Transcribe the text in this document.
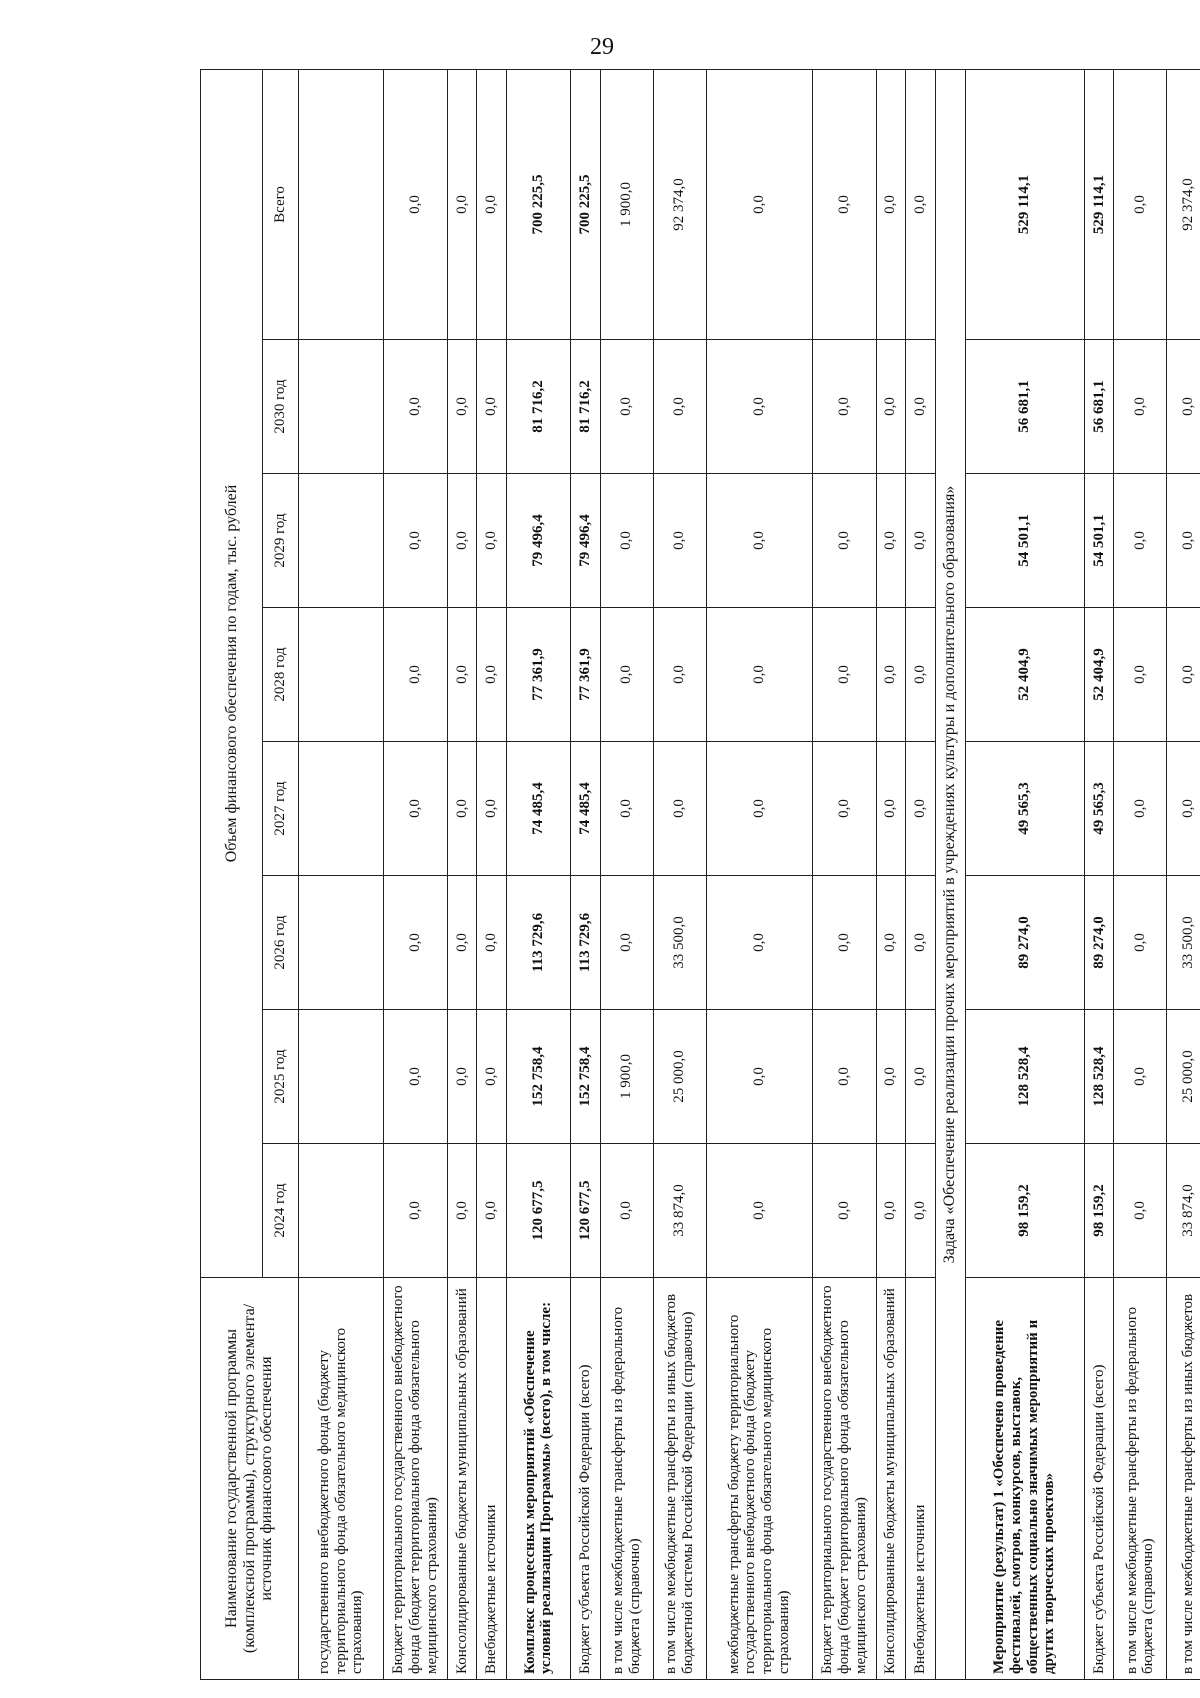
29
Наименование государственной программы (комплексной программы), структурного элемента/источник финансового обеспечения	Объем финансового обеспечения по годам, тыс. рублей							
	2024 год	2025 год	2026 год	2027 год	2028 год	2029 год	2030 год	Всего
государственного внебюджетного фонда (бюджету территориального фонда обязательного медицинского страхования)								
Бюджет территориального государственного внебюджетного фонда (бюджет территориального фонда обязательного медицинского страхования)	0,0	0,0	0,0	0,0	0,0	0,0	0,0	0,0
Консолидированные бюджеты муниципальных образований	0,0	0,0	0,0	0,0	0,0	0,0	0,0	0,0
Внебюджетные источники	0,0	0,0	0,0	0,0	0,0	0,0	0,0	0,0
Комплекс процессных мероприятий «Обеспечение условий реализации Программы» (всего), в том числе:	120 677,5	152 758,4	113 729,6	74 485,4	77 361,9	79 496,4	81 716,2	700 225,5
Бюджет субъекта Российской Федерации (всего)	120 677,5	152 758,4	113 729,6	74 485,4	77 361,9	79 496,4	81 716,2	700 225,5
в том числе межбюджетные трансферты из федерального бюджета (справочно)	0,0	1 900,0	0,0	0,0	0,0	0,0	0,0	1 900,0
в том числе межбюджетные трансферты из иных бюджетов бюджетной системы Российской Федерации (справочно)	33 874,0	25 000,0	33 500,0	0,0	0,0	0,0	0,0	92 374,0
межбюджетные трансферты бюджету территориального государственного внебюджетного фонда (бюджету территориального фонда обязательного медицинского страхования)	0,0	0,0	0,0	0,0	0,0	0,0	0,0	0,0
Бюджет территориального государственного внебюджетного фонда (бюджет территориального фонда обязательного медицинского страхования)	0,0	0,0	0,0	0,0	0,0	0,0	0,0	0,0
Консолидированные бюджеты муниципальных образований	0,0	0,0	0,0	0,0	0,0	0,0	0,0	0,0
Внебюджетные источники	0,0	0,0	0,0	0,0	0,0	0,0	0,0	0,0
Задача «Обеспечение реализации прочих мероприятий в учреждениях культуры и дополнительного образования»								
Мероприятие (результат) 1 «Обеспечено проведение фестивалей, смотров, конкурсов, выставок, общественных социально значимых мероприятий и других творческих проектов»	98 159,2	128 528,4	89 274,0	49 565,3	52 404,9	54 501,1	56 681,1	529 114,1
Бюджет субъекта Российской Федерации (всего)	98 159,2	128 528,4	89 274,0	49 565,3	52 404,9	54 501,1	56 681,1	529 114,1
в том числе межбюджетные трансферты из федерального бюджета (справочно)	0,0	0,0	0,0	0,0	0,0	0,0	0,0	0,0
в том числе межбюджетные трансферты из иных бюджетов	33 874,0	25 000,0	33 500,0	0,0	0,0	0,0	0,0	92 374,0
